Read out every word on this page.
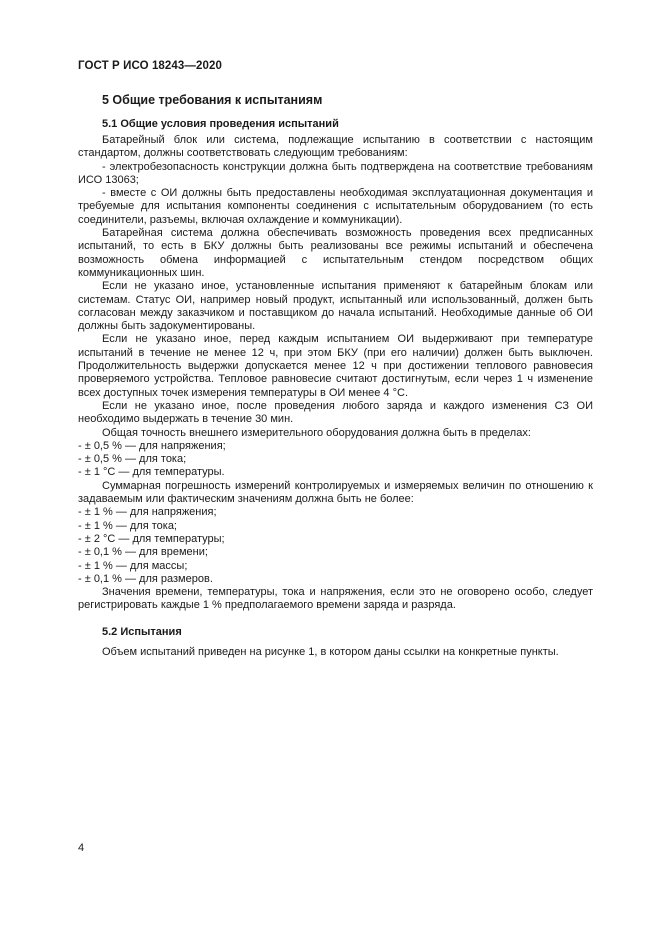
ГОСТ Р ИСО 18243—2020
5 Общие требования к испытаниям
5.1 Общие условия проведения испытаний

Батарейный блок или система, подлежащие испытанию в соответствии с настоящим стандартом, должны соответствовать следующим требованиям:

- электробезопасность конструкции должна быть подтверждена на соответствие требованиям ИСО 13063;

- вместе с ОИ должны быть предоставлены необходимая эксплуатационная документация и требуемые для испытания компоненты соединения с испытательным оборудованием (то есть соединители, разъемы, включая охлаждение и коммуникации).

Батарейная система должна обеспечивать возможность проведения всех предписанных испытаний, то есть в БКУ должны быть реализованы все режимы испытаний и обеспечена возможность обмена информацией с испытательным стендом посредством общих коммуникационных шин.

Если не указано иное, установленные испытания применяют к батарейным блокам или системам. Статус ОИ, например новый продукт, испытанный или использованный, должен быть согласован между заказчиком и поставщиком до начала испытаний. Необходимые данные об ОИ должны быть задокументированы.

Если не указано иное, перед каждым испытанием ОИ выдерживают при температуре испытаний в течение не менее 12 ч, при этом БКУ (при его наличии) должен быть выключен. Продолжительность выдержки допускается менее 12 ч при достижении теплового равновесия проверяемого устройства. Тепловое равновесие считают достигнутым, если через 1 ч изменение всех доступных точек измерения температуры в ОИ менее 4 °С.

Если не указано иное, после проведения любого заряда и каждого изменения СЗ ОИ необходимо выдержать в течение 30 мин.

Общая точность внешнего измерительного оборудования должна быть в пределах:

- ± 0,5 % — для напряжения;

- ± 0,5 % — для тока;

- ± 1 °С — для температуры.

Суммарная погрешность измерений контролируемых и измеряемых величин по отношению к задаваемым или фактическим значениям должна быть не более:

- ± 1 % — для напряжения;

- ± 1 % — для тока;

- ± 2 °С — для температуры;

- ± 0,1 % — для времени;

- ± 1 % — для массы;

- ± 0,1 % — для размеров.

Значения времени, температуры, тока и напряжения, если это не оговорено особо, следует регистрировать каждые 1 % предполагаемого времени заряда и разряда.

5.2 Испытания

Объем испытаний приведен на рисунке 1, в котором даны ссылки на конкретные пункты.

4
